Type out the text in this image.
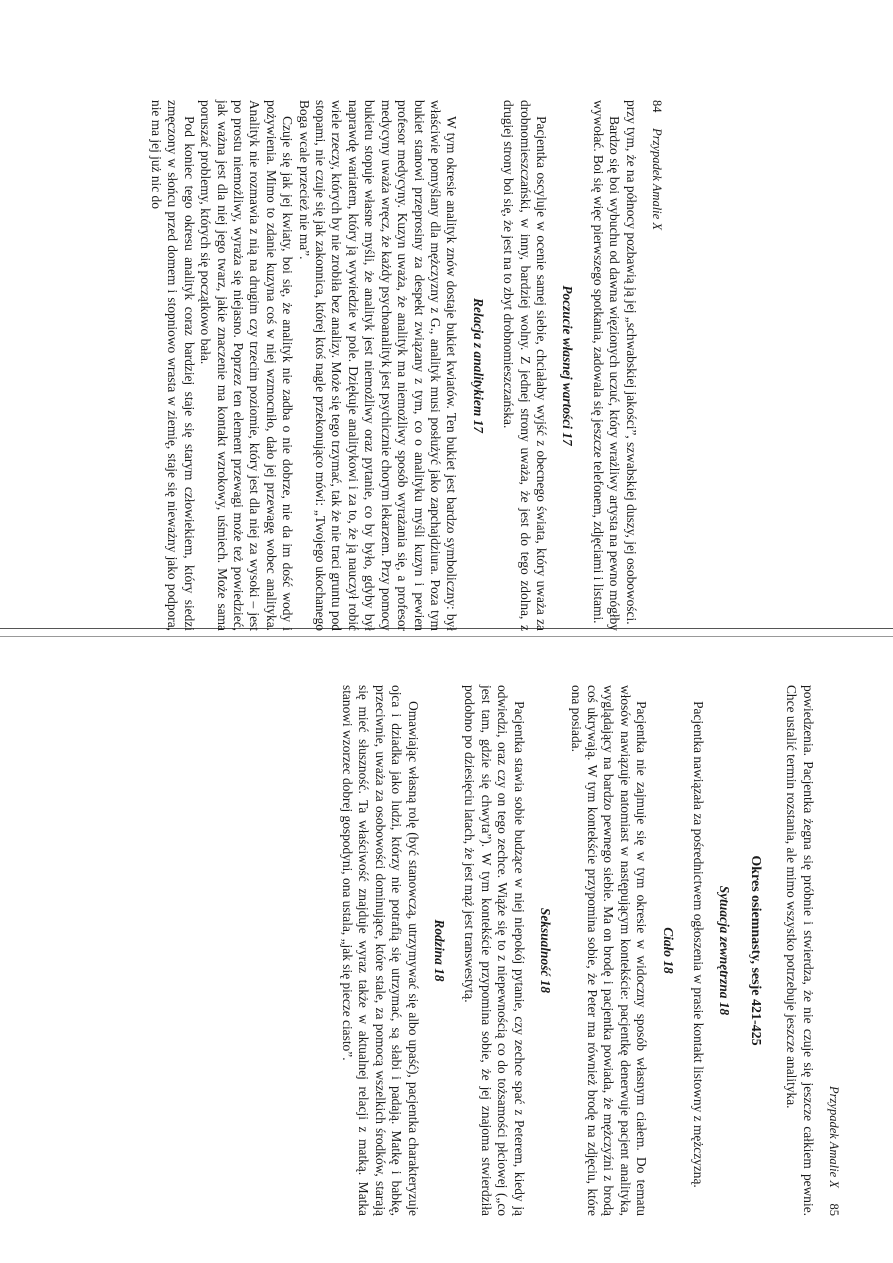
84     Przypadek Amalie X

przy tym, że na północy pozbawią ją jej „schwabskiej jakości”, szwabskiej duszy, jej osobowości.

Bardzo się boi wybuchu od dawna więzionych uczuć, który wrażliwy artysta na pewno mógłby wywołać. Boi się więc pierwszego spotkania, zadowala się jeszcze telefonem, zdjęciami i listami.

Poczucie własnej wartości 17

Pacjentka oscyluje w ocenie samej siebie, chciałaby wyjść z obecnego świata, który uważa za drobnomieszczański, w inny, bardziej wolny. Z jednej strony uważa, że jest do tego zdolna, z drugiej strony boi się, że jest na to zbyt drobnomieszczańska.

Relacja z analitykiem 17

W tym okresie analityk znów dostaje bukiet kwiatów. Ten bukiet jest bardzo symboliczny: był właściwie pomyślany dla mężczyzny z G., analityk musi posłużyć jako zapchajdziura. Poza tym bukiet stanowi przeprosiny za despekt związany z tym, co o analityku myśli kuzyn i pewien profesor medycyny. Kuzyn uważa, że analityk ma niemożliwy sposób wyrażania się, a profesor medycyny uważa wręcz, że każdy psychoanalityk jest psychicznie chorym lekarzem. Przy pomocy bukietu stopuje własne myśli, że analityk jest niemożliwy oraz pytanie, co by było, gdyby był naprawdę wariatem, który ją wywiedzie w pole. Dziękuje analitykowi i za to, że ją nauczył robić wiele rzeczy, których by nie zrobiła bez analizy. Może się tego trzymać, tak że nie traci gruntu pod stopami, nie czuje się jak zakonnica, której ktoś nagle przekonująco mówi: „Twojego ukochanego Boga wcale przecież nie ma”.

Czuje się jak jej kwiaty, boi się, że analityk nie zadba o nie dobrze, nie da im dość wody i pożywienia. Mimo to zdanie kuzyna coś w niej wzmocniło, dało jej przewagę wobec analityka. Analityk nie rozmawia z nią na drugim czy trzecim poziomie, który jest dla niej za wysoki – jest po prostu niemożliwy, wyraża się niejasno. Poprzez ten element przewagi może też powiedzieć, jak ważna jest dla niej jego twarz, jakie znaczenie ma kontakt wzrokowy, uśmiech. Może sama poruszać problemy, których się początkowo bała.

Pod koniec tego okresu analityk coraz bardziej staje się starym człowiekiem, który siedzi zmęczony w słońcu przed domem i stopniowo wrasta w ziemię, staje się nieważny jako podpora, nie ma jej już nic do

Przypadek Amalie X     85

powiedzenia. Pacjentka żegna się próbnie i stwierdza, że nie czuje się jeszcze całkiem pewnie. Chce ustalić termin rozstania, ale mimo wszystko potrzebuje jeszcze analityka.

Okres osiemnasty, sesje 421-425
Sytuacja zewnętrzna 18

Pacjentka nawiązała za pośrednictwem ogłoszenia w prasie kontakt listowny z mężczyzną.

Ciało 18

Pacjentka nie zajmuje się w tym okresie w widoczny sposób własnym ciałem. Do tematu włosów nawiązuje natomiast w następującym kontekście: pacjentkę denerwuje pacjent analityka, wyglądający na bardzo pewnego siebie. Ma on brodę i pacjentka powiada, że mężczyźni z brodą coś ukrywają. W tym kontekście przypomina sobie, że Peter ma również brodę na zdjęciu, które ona posiada.

Seksualność 18

Pacjentka stawia sobie budzące w niej niepokój pytanie, czy zechce spać z Peterem, kiedy ją odwiedzi, oraz czy on tego zechce. Wiąże się to z niepewnością co do tożsamości płciowej („co jest tam, gdzie się chwyta”). W tym kontekście przypomina sobie, że jej znajoma stwierdziła podobno po dziesięciu latach, że jest mąż jest transwestytą.

Rodzina 18

Omawiając własną rolę (być stanowczą, utrzymywać się albo upaść), pacjentka charakteryzuje ojca i dziadka jako ludzi, którzy nie potrafią się utrzymać, są słabi i padają. Matkę i babkę, przeciwnie, uważa za osobowości dominujące, które stale, za pomocą wszelkich środków, starają się mieć słuszność. Ta właściwość znajduje wyraz także w aktualnej relacji z matką. Matka stanowi wzorzec dobrej gospodyni, ona ustala, „jak się piecze ciasto”.
